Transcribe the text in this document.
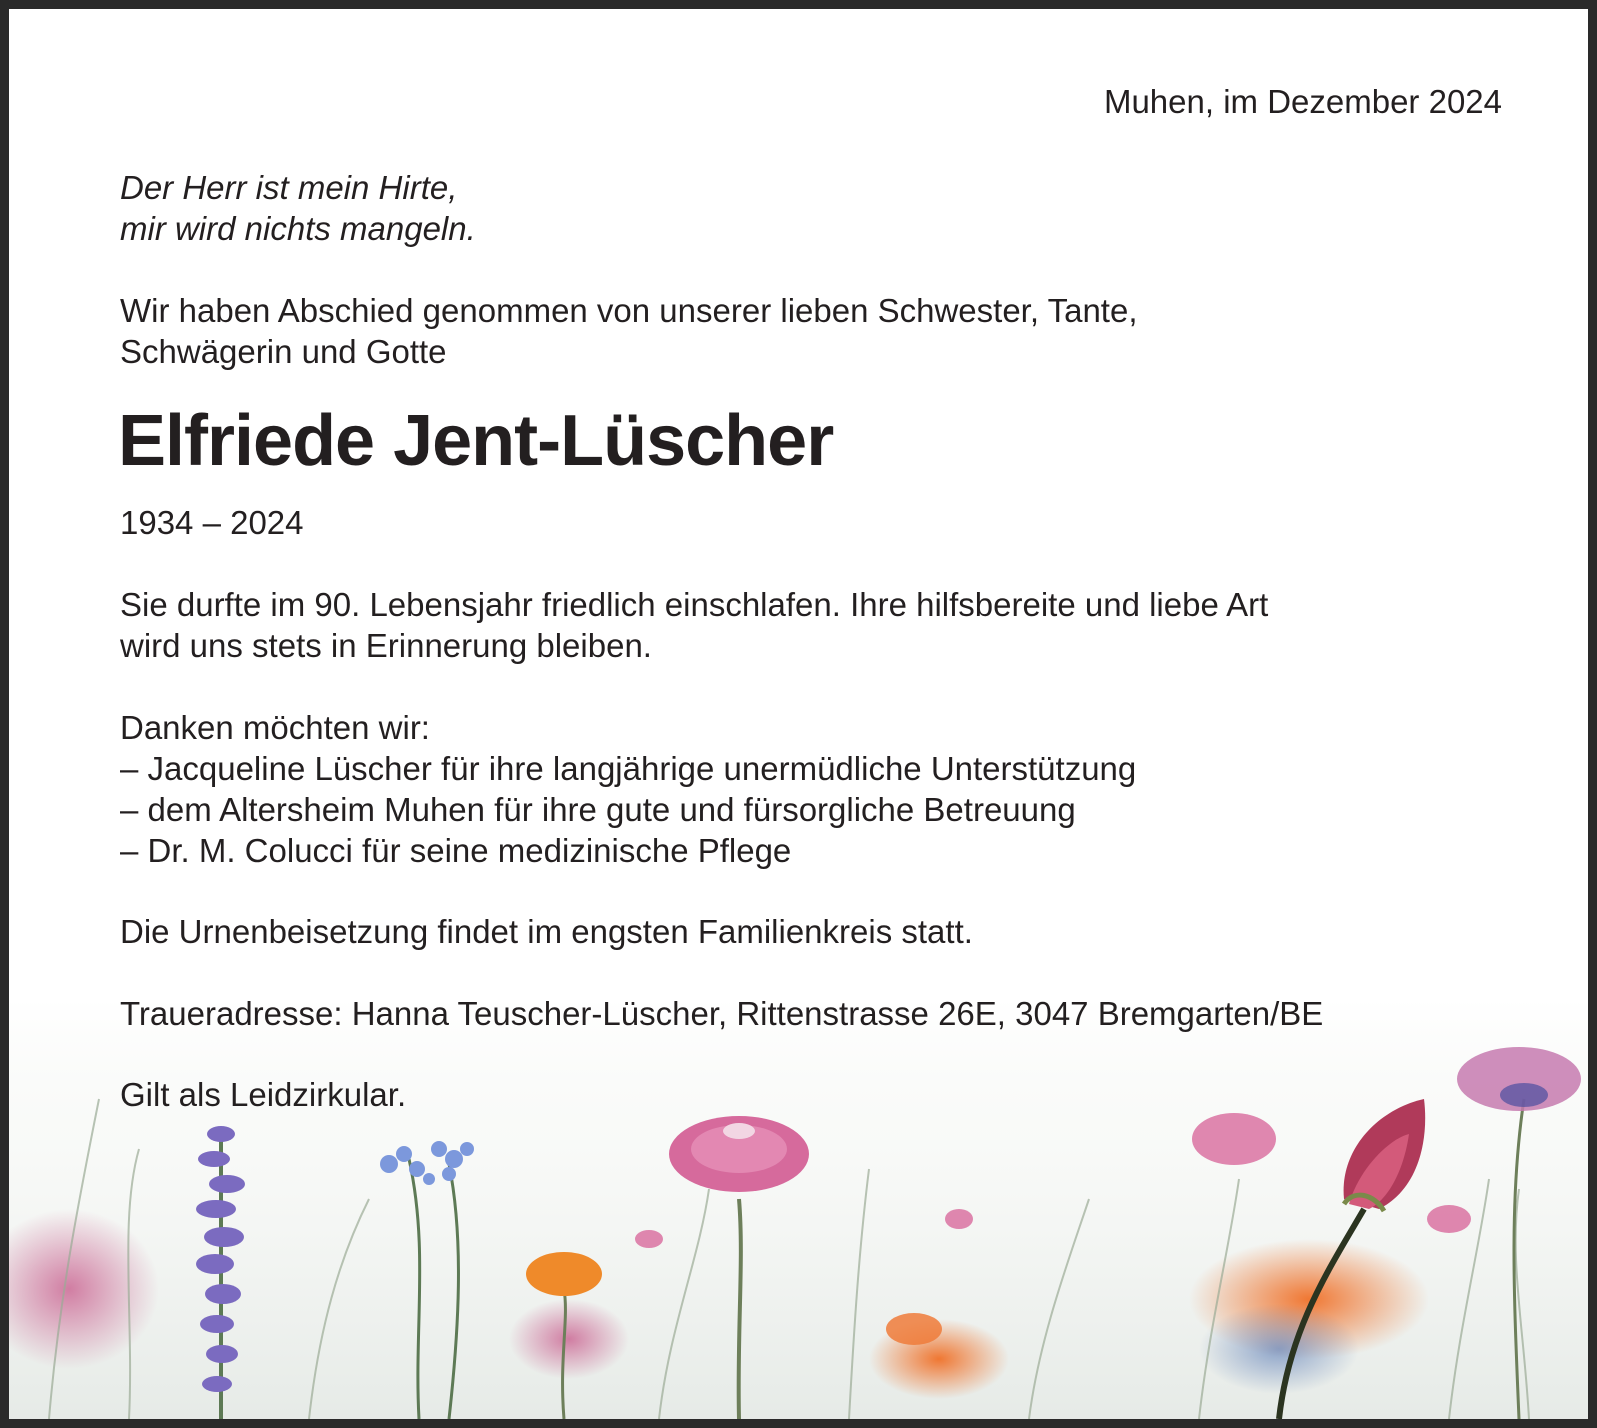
Muhen, im Dezember 2024
Der Herr ist mein Hirte,
mir wird nichts mangeln.
Wir haben Abschied genommen von unserer lieben Schwester, Tante,
Schwägerin und Gotte
Elfriede Jent-Lüscher
1934 – 2024
Sie durfte im 90. Lebensjahr friedlich einschlafen. Ihre hilfsbereite und liebe Art
wird uns stets in Erinnerung bleiben.
Danken möchten wir:
– Jacqueline Lüscher für ihre langjährige unermüdliche Unterstützung
– dem Altersheim Muhen für ihre gute und fürsorgliche Betreuung
– Dr. M. Colucci für seine medizinische Pflege
Die Urnenbeisetzung findet im engsten Familienkreis statt.
Traueradresse: Hanna Teuscher-Lüscher, Rittenstrasse 26E, 3047 Bremgarten/BE
Gilt als Leidzirkular.
